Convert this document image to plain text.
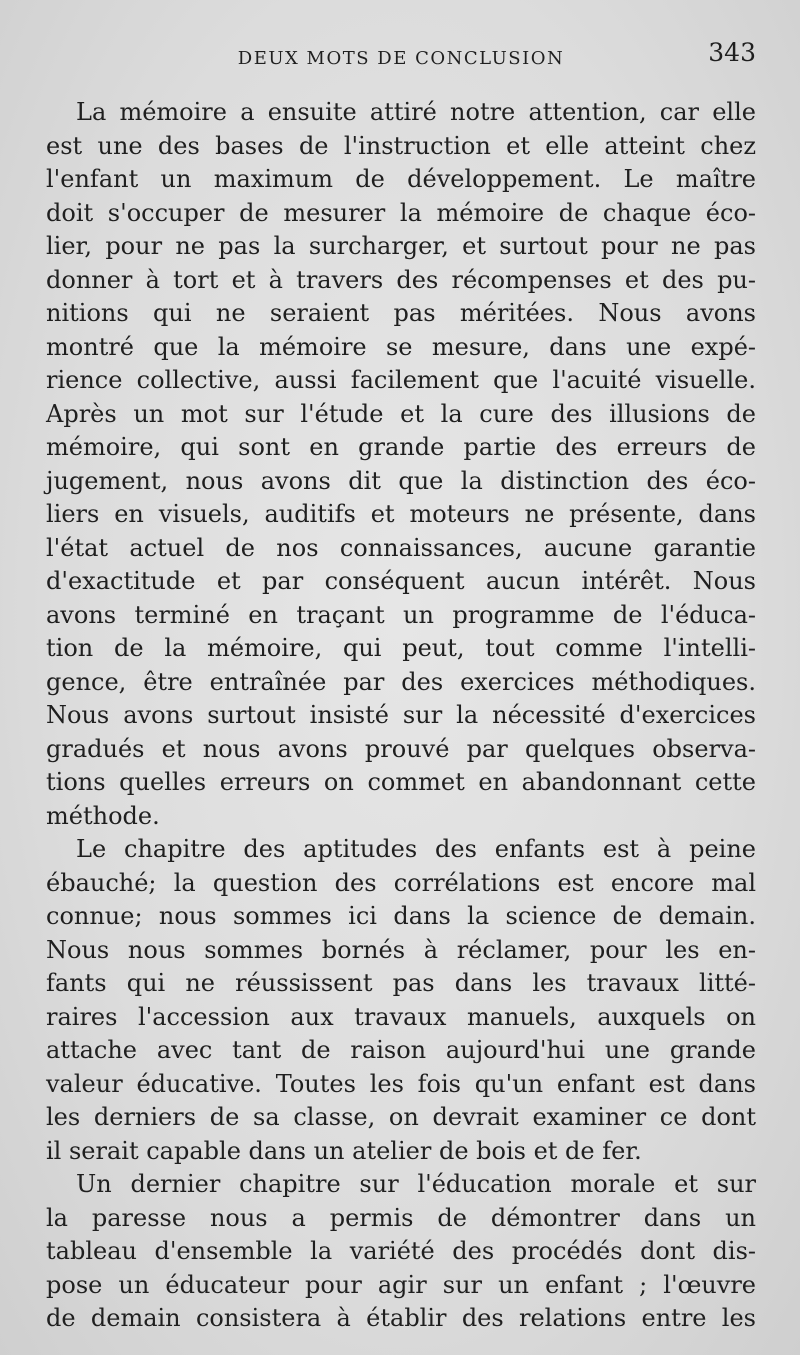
DEUX MOTS DE CONCLUSION	343
La mémoire a ensuite attiré notre attention, car elle
est une des bases de l'instruction et elle atteint chez
l'enfant un maximum de développement. Le maître
doit s'occuper de mesurer la mémoire de chaque éco-
lier, pour ne pas la surcharger, et surtout pour ne pas
donner à tort et à travers des récompenses et des pu-
nitions qui ne seraient pas méritées. Nous avons
montré que la mémoire se mesure, dans une expé-
rience collective, aussi facilement que l'acuité visuelle.
Après un mot sur l'étude et la cure des illusions de
mémoire, qui sont en grande partie des erreurs de
jugement, nous avons dit que la distinction des éco-
liers en visuels, auditifs et moteurs ne présente, dans
l'état actuel de nos connaissances, aucune garantie
d'exactitude et par conséquent aucun intérêt. Nous
avons terminé en traçant un programme de l'éduca-
tion de la mémoire, qui peut, tout comme l'intelli-
gence, être entraînée par des exercices méthodiques.
Nous avons surtout insisté sur la nécessité d'exercices
gradués et nous avons prouvé par quelques observa-
tions quelles erreurs on commet en abandonnant cette
méthode.
Le chapitre des aptitudes des enfants est à peine
ébauché; la question des corrélations est encore mal
connue; nous sommes ici dans la science de demain.
Nous nous sommes bornés à réclamer, pour les en-
fants qui ne réussissent pas dans les travaux litté-
raires l'accession aux travaux manuels, auxquels on
attache avec tant de raison aujourd'hui une grande
valeur éducative. Toutes les fois qu'un enfant est dans
les derniers de sa classe, on devrait examiner ce dont
il serait capable dans un atelier de bois et de fer.
Un dernier chapitre sur l'éducation morale et sur
la paresse nous a permis de démontrer dans un
tableau d'ensemble la variété des procédés dont dis-
pose un éducateur pour agir sur un enfant ; l'œuvre
de demain consistera à établir des relations entre les
